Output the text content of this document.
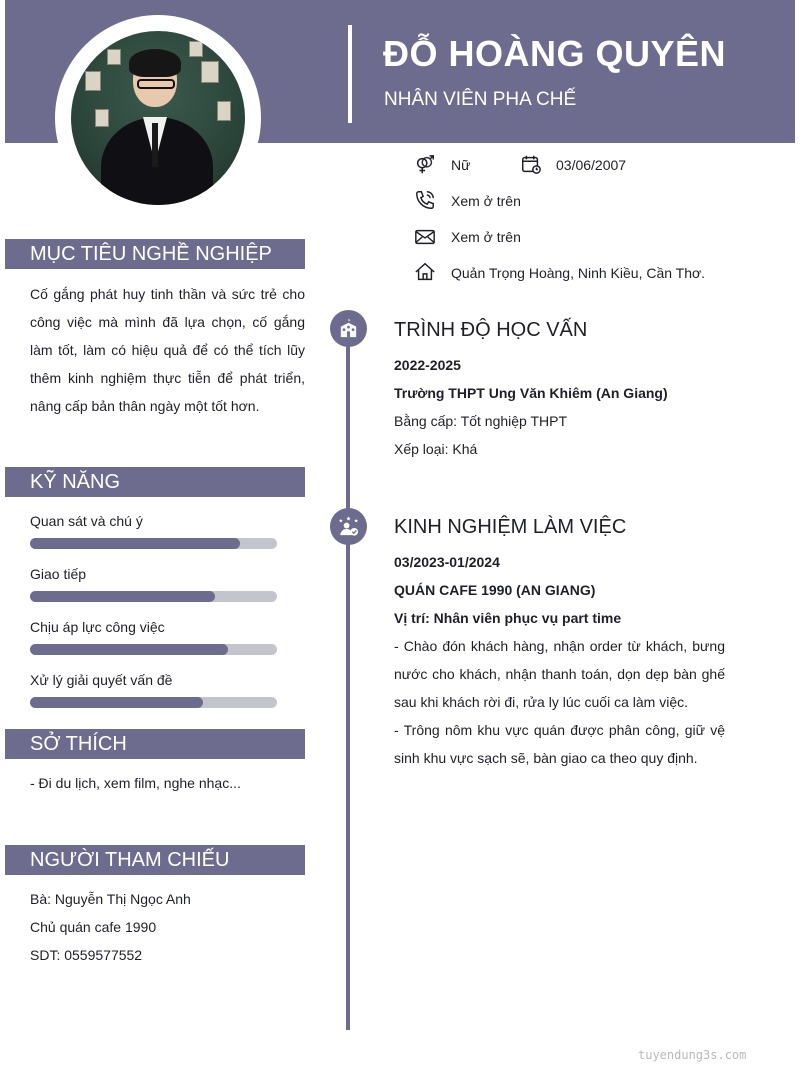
ĐỖ HOÀNG QUYÊN
NHÂN VIÊN PHA CHẾ
Nữ	03/06/2007
Xem ở trên
Xem ở trên
Quản Trọng Hoàng, Ninh Kiều, Cần Thơ.
MỤC TIÊU NGHỀ NGHIỆP
Cố gắng phát huy tinh thần và sức trẻ cho công việc mà mình đã lựa chọn, cố gắng làm tốt, làm có hiệu quả để có thể tích lũy thêm kinh nghiệm thực tiễn để phát triển, nâng cấp bản thân ngày một tốt hơn.
KỸ NĂNG
Quan sát và chú ý
Giao tiếp
Chịu áp lực công việc
Xử lý giải quyết vấn đề
SỞ THÍCH
- Đi du lịch, xem film, nghe nhạc...
NGƯỜI THAM CHIẾU
Bà: Nguyễn Thị Ngọc Anh
Chủ quán cafe 1990
SDT: 0559577552
TRÌNH ĐỘ HỌC VẤN
2022-2025
Trường THPT Ung Văn Khiêm (An Giang)
Bằng cấp: Tốt nghiệp THPT
Xếp loại: Khá
KINH NGHIỆM LÀM VIỆC
03/2023-01/2024
QUÁN CAFE 1990 (AN GIANG)
Vị trí: Nhân viên phục vụ part time
- Chào đón khách hàng, nhận order từ khách, bưng nước cho khách, nhận thanh toán, dọn dẹp bàn ghế sau khi khách rời đi, rửa ly lúc cuối ca làm việc.
- Trông nôm khu vực quán được phân công, giữ vệ sinh khu vực sạch sẽ, bàn giao ca theo quy định.
tuyendung3s.com
